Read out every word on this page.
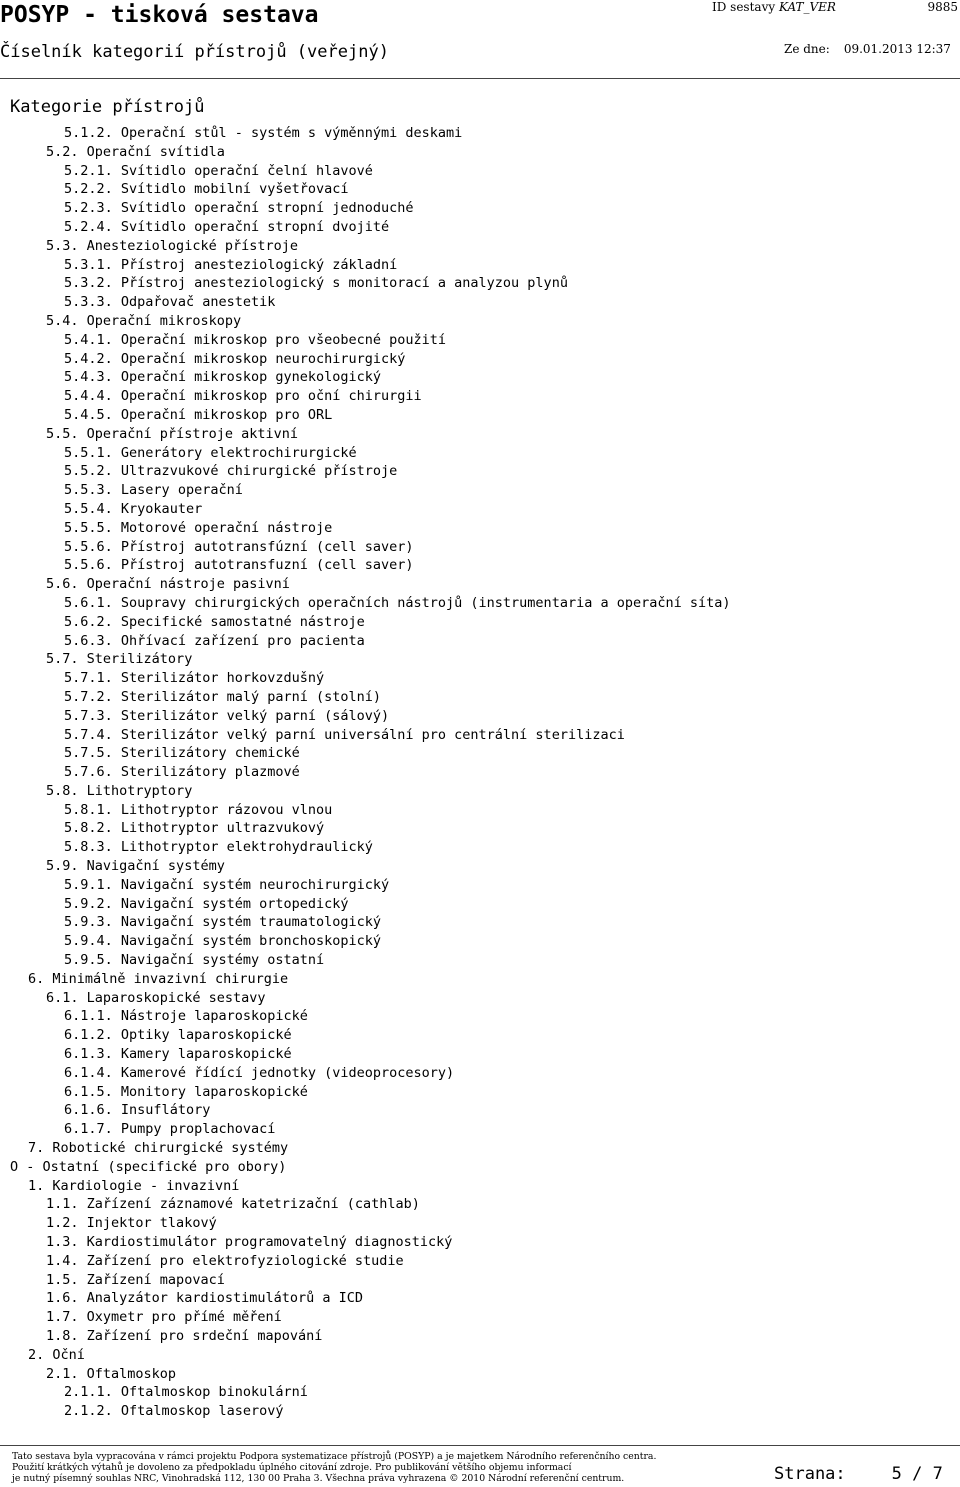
POSYP - tisková sestava	ID sestavy KAT_VER	9885
Číselník kategorií přístrojů (veřejný)	Ze dne: 09.01.2013 12:37
Kategorie přístrojů
5.1.2. Operační stůl - systém s výměnnými deskami
5.2. Operační svítidla
5.2.1. Svítidlo operační čelní hlavové
5.2.2. Svítidlo mobilní vyšetřovací
5.2.3. Svítidlo operační stropní jednoduché
5.2.4. Svítidlo operační stropní dvojité
5.3. Anesteziologické přístroje
5.3.1. Přístroj anesteziologický základní
5.3.2. Přístroj anesteziologický s monitorací a analyzou plynů
5.3.3. Odpařovač anestetik
5.4. Operační mikroskopy
5.4.1. Operační mikroskop pro všeobecné použití
5.4.2. Operační mikroskop neurochirurgický
5.4.3. Operační mikroskop gynekologický
5.4.4. Operační mikroskop pro oční chirurgii
5.4.5. Operační mikroskop pro ORL
5.5. Operační přístroje aktivní
5.5.1. Generátory elektrochirurgické
5.5.2. Ultrazvukové chirurgické přístroje
5.5.3. Lasery operační
5.5.4. Kryokauter
5.5.5. Motorové operační nástroje
5.5.6. Přístroj autotransfúzní (cell saver)
5.5.6. Přístroj autotransfuzní (cell saver)
5.6. Operační nástroje pasivní
5.6.1. Soupravy chirurgických operačních nástrojů (instrumentaria a operační síta)
5.6.2. Specifické samostatné nástroje
5.6.3. Ohřívací zařízení pro pacienta
5.7. Sterilizátory
5.7.1. Sterilizátor horkovzdušný
5.7.2. Sterilizátor malý parní (stolní)
5.7.3. Sterilizátor velký parní (sálový)
5.7.4. Sterilizátor velký parní universální pro centrální sterilizaci
5.7.5. Sterilizátory chemické
5.7.6. Sterilizátory plazmové
5.8. Lithotryptory
5.8.1. Lithotryptor rázovou vlnou
5.8.2. Lithotryptor ultrazvukový
5.8.3. Lithotryptor elektrohydraulický
5.9. Navigační systémy
5.9.1. Navigační systém neurochirurgický
5.9.2. Navigační systém ortopedický
5.9.3. Navigační systém traumatologický
5.9.4. Navigační systém bronchoskopický
5.9.5. Navigační systémy ostatní
6. Minimálně invazivní chirurgie
6.1. Laparoskopické sestavy
6.1.1. Nástroje laparoskopické
6.1.2. Optiky laparoskopické
6.1.3. Kamery laparoskopické
6.1.4. Kamerové řídící jednotky (videoprocesory)
6.1.5. Monitory laparoskopické
6.1.6. Insuflátory
6.1.7. Pumpy proplachovací
7. Robotické chirurgické systémy
O - Ostatní (specifické pro obory)
1. Kardiologie - invazivní
1.1. Zařízení záznamové katetrizační (cathlab)
1.2. Injektor tlakový
1.3. Kardiostimulátor programovatelný diagnostický
1.4. Zařízení pro elektrofyziologické studie
1.5. Zařízení mapovací
1.6. Analyzátor kardiostimulátorů a ICD
1.7. Oxymetr pro přímé měření
1.8. Zařízení pro srdeční mapování
2. Oční
2.1. Oftalmoskop
2.1.1. Oftalmoskop binokulární
2.1.2. Oftalmoskop laserový
Tato sestava byla vypracována v rámci projektu Podpora systematizace přístrojů (POSYP) a je majetkem Národního referenčního centra.
Použití krátkých výtahů je dovoleno za předpokladu úplného citování zdroje. Pro publikování většího objemu informací
je nutný písemný souhlas NRC, Vinohradská 112, 130 00 Praha 3. Všechna práva vyhrazena © 2010 Národní referenční centrum.	Strana:	5 / 7
